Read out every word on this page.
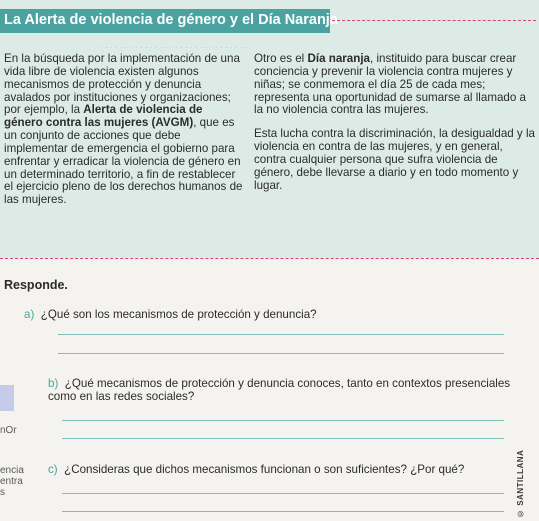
La Alerta de violencia de género y el Día Naranja
. . . . . . . . . . . . . . . . . . . . . . . . . . . . . .
En la búsqueda por la implementación de una vida libre de violencia existen algunos mecanismos de protección y denuncia avalados por instituciones y organizaciones; por ejemplo, la Alerta de violencia de género contra las mujeres (AVGM), que es un conjunto de acciones que debe implementar de emergencia el gobierno para enfrentar y erradicar la violencia de género en un determinado territorio, a fin de restablecer el ejercicio pleno de los derechos humanos de las mujeres.
Otro es el Día naranja, instituido para buscar crear conciencia y prevenir la violencia contra mujeres y niñas; se conmemora el día 25 de cada mes; representa una oportunidad de sumarse al llamado a la no violencia contra las mujeres.
Esta lucha contra la discriminación, la desigualdad y la violencia en contra de las mujeres, y en general, contra cualquier persona que sufra violencia de género, debe llevarse a diario y en todo momento y lugar.
Responde.
a) ¿Qué son los mecanismos de protección y denuncia?
b) ¿Qué mecanismos de protección y denuncia conoces, tanto en contextos presenciales como en las redes sociales?
nOr
encia
entra
s
c) ¿Consideras que dichos mecanismos funcionan o son suficientes? ¿Por qué?	© SANTILLANA
